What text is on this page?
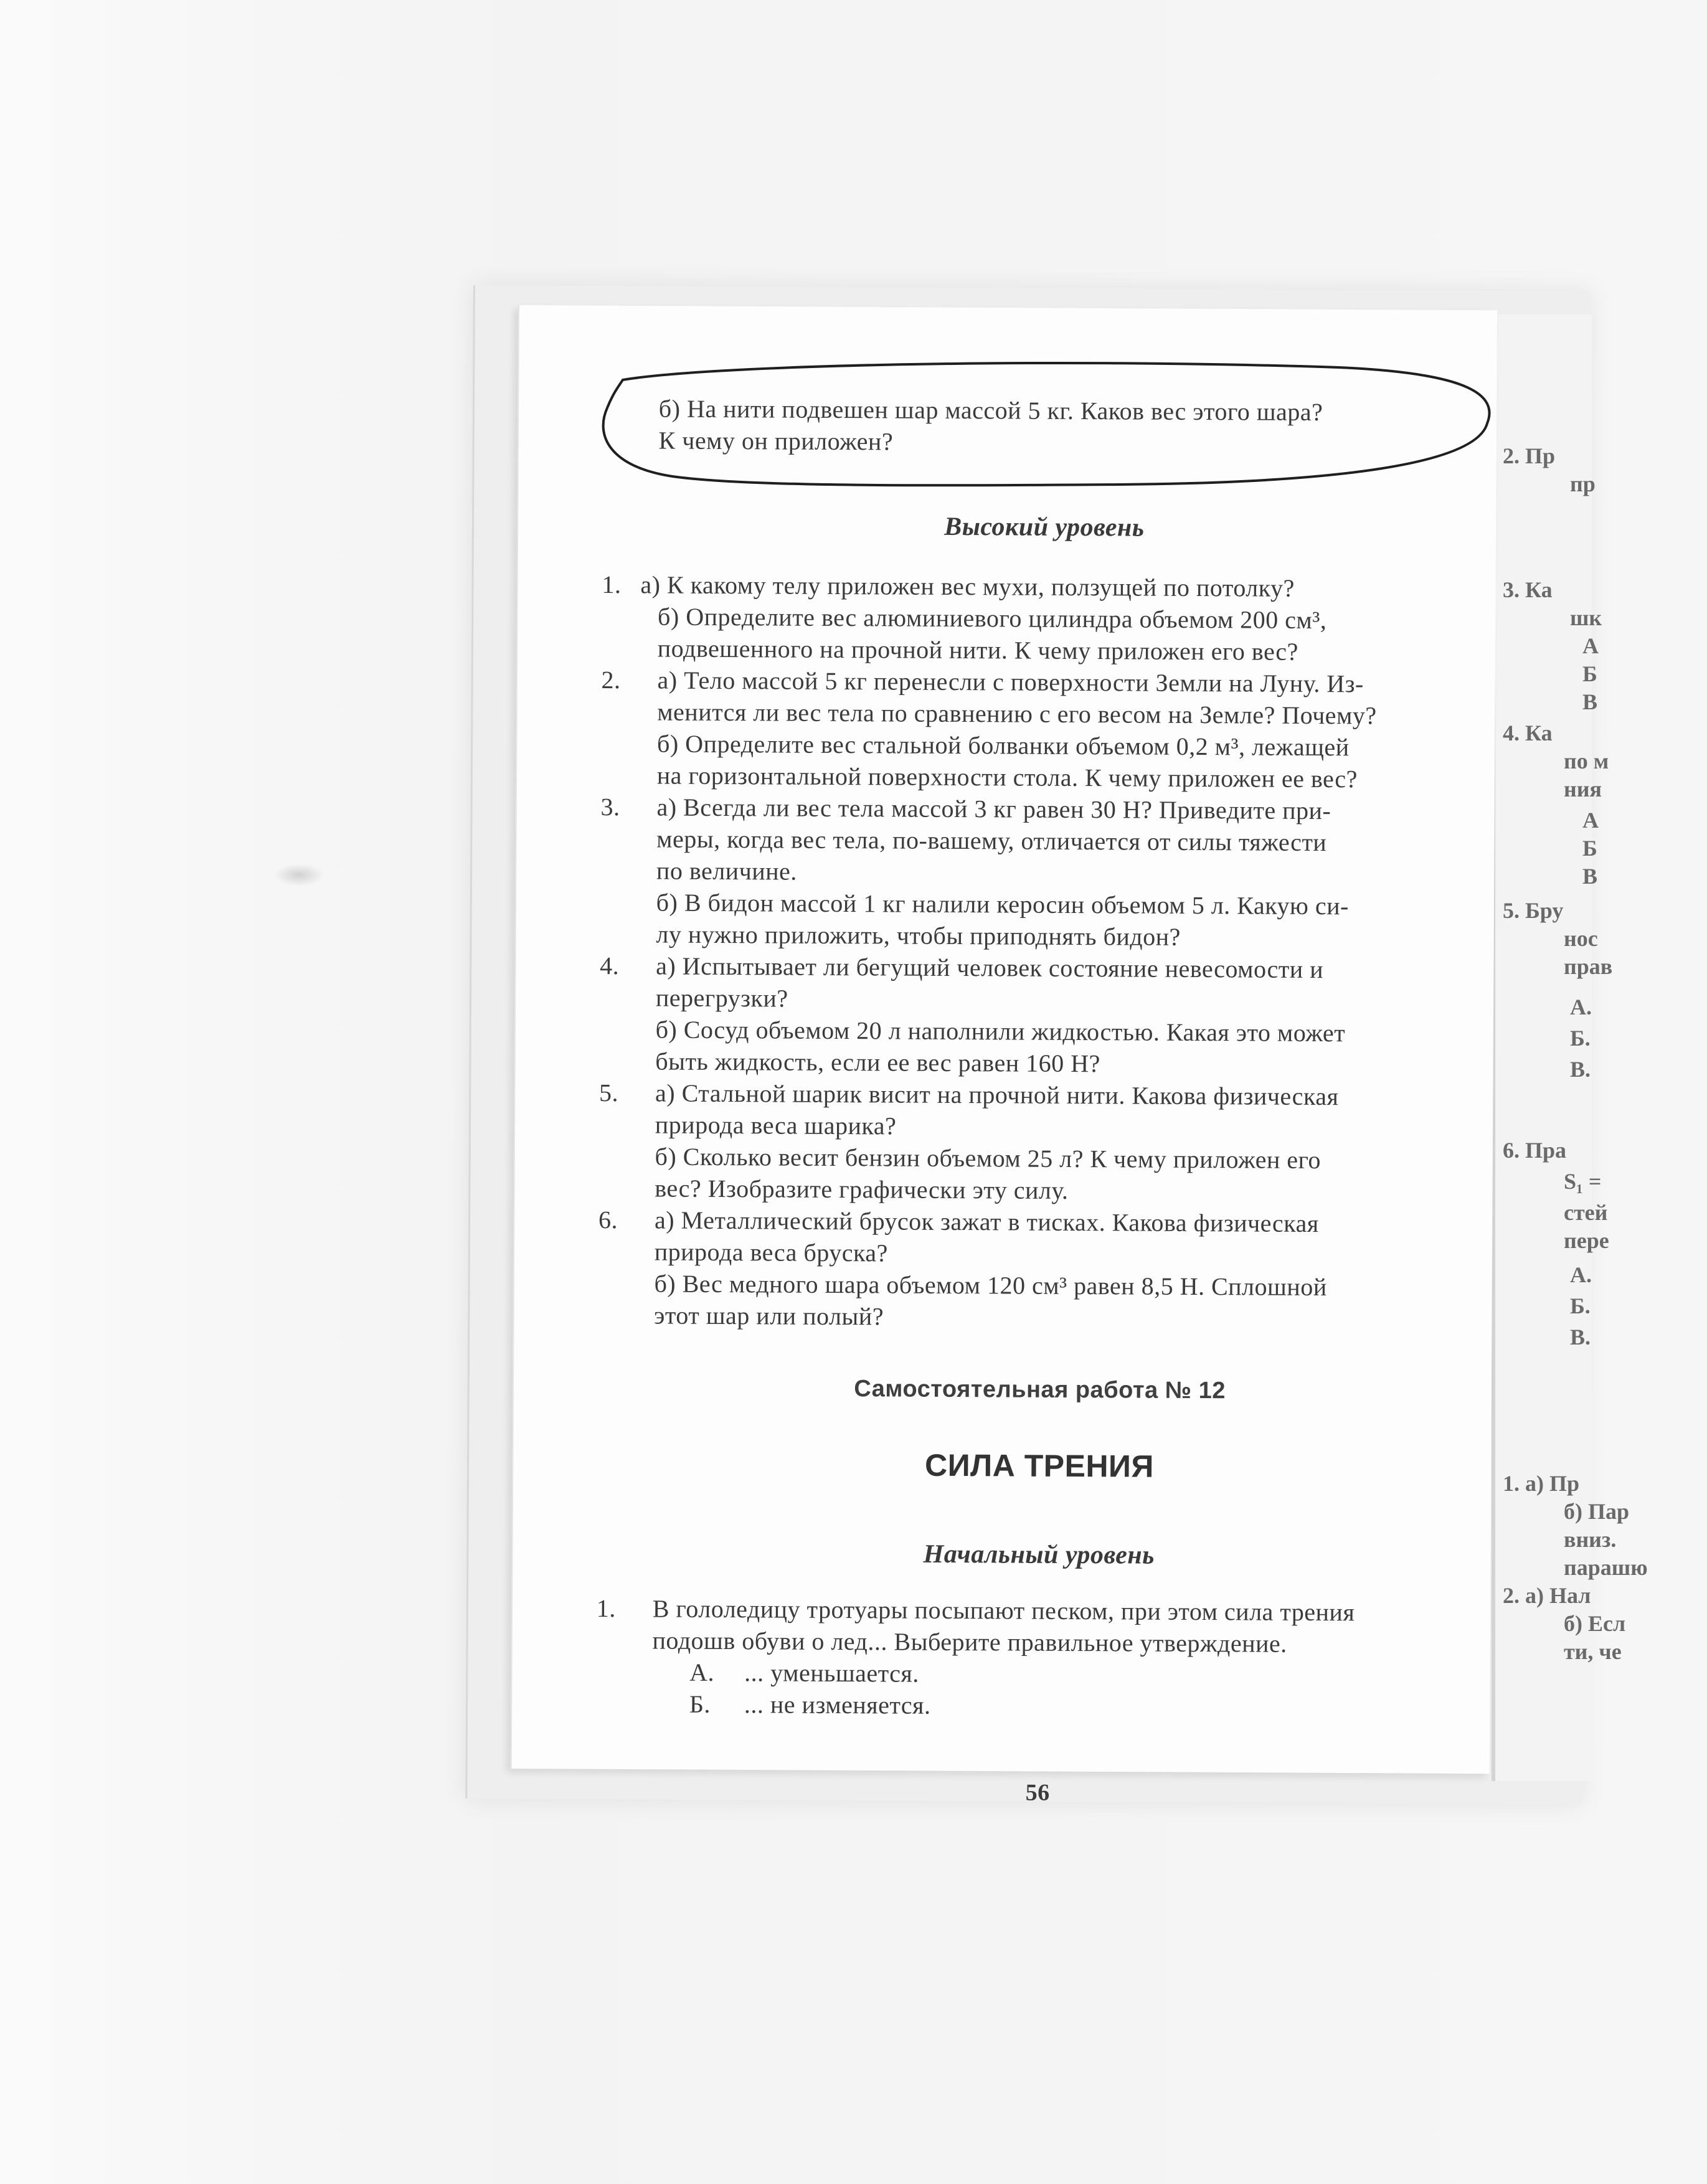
2. Пр
пр
3. Ка
шк
А
Б
В
4. Ка
по м
ния
А
Б
В
5. Бру
нос
прав
А.
Б.
В.
6. Пра
S₁ =
стей
пере
А.
Б.
В.
1. а) Пр
б) Пар
вниз.
парашю
2. а) Нал
б) Есл
ти, че
б) На нити подвешен шар массой 5 кг. Каков вес этого шара?
К чему он приложен?
Высокий уровень
1. а) К какому телу приложен вес мухи, ползущей по потолку?
б) Определите вес алюминиевого цилиндра объемом 200 см³,
подвешенного на прочной нити. К чему приложен его вес?
2. а) Тело массой 5 кг перенесли с поверхности Земли на Луну. Из-
менится ли вес тела по сравнению с его весом на Земле? Почему?
б) Определите вес стальной болванки объемом 0,2 м³, лежащей
на горизонтальной поверхности стола. К чему приложен ее вес?
3. а) Всегда ли вес тела массой 3 кг равен 30 Н? Приведите при-
меры, когда вес тела, по-вашему, отличается от силы тяжести
по величине.
б) В бидон массой 1 кг налили керосин объемом 5 л. Какую си-
лу нужно приложить, чтобы приподнять бидон?
4. а) Испытывает ли бегущий человек состояние невесомости и
перегрузки?
б) Сосуд объемом 20 л наполнили жидкостью. Какая это может
быть жидкость, если ее вес равен 160 Н?
5. а) Стальной шарик висит на прочной нити. Какова физическая
природа веса шарика?
б) Сколько весит бензин объемом 25 л? К чему приложен его
вес? Изобразите графически эту силу.
6. а) Металлический брусок зажат в тисках. Какова физическая
природа веса бруска?
б) Вес медного шара объемом 120 см³ равен 8,5 Н. Сплошной
этот шар или полый?
Самостоятельная работа № 12
СИЛА ТРЕНИЯ
Начальный уровень
1. В гололедицу тротуары посыпают песком, при этом сила трения
подошв обуви о лед... Выберите правильное утверждение.
А. ... уменьшается.
Б. ... не изменяется.
56
